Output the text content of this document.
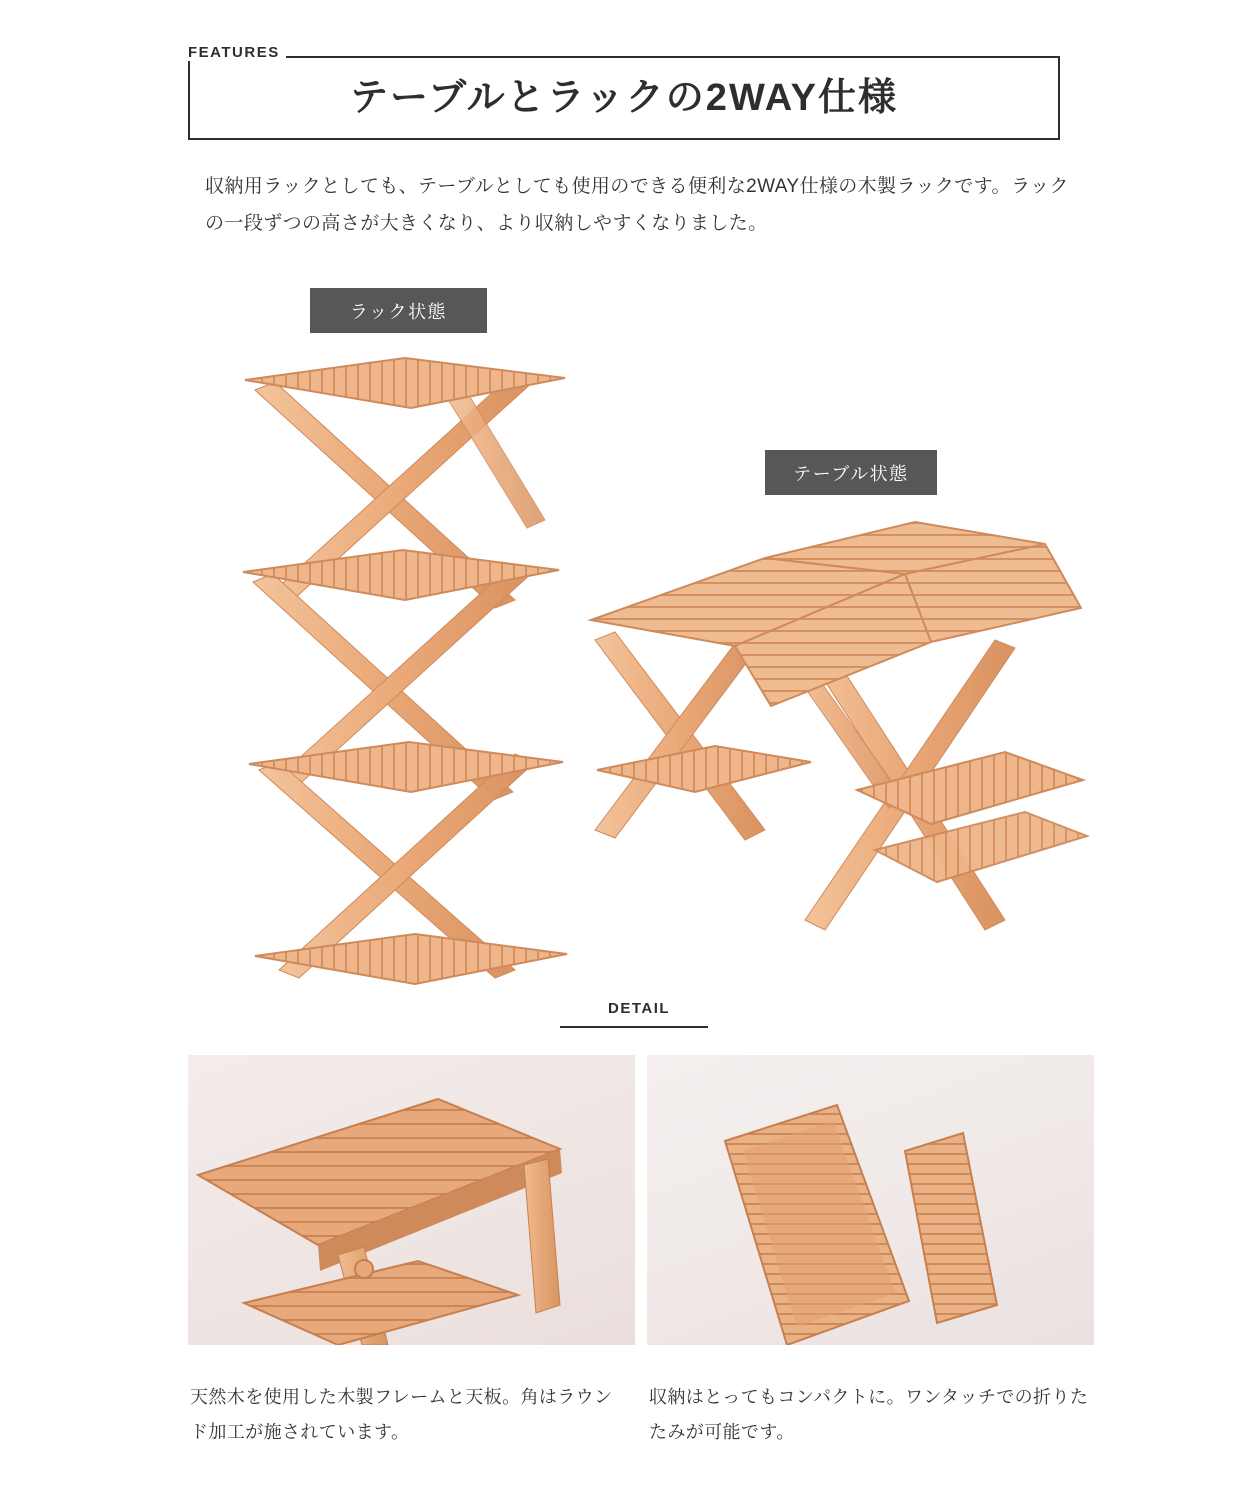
FEATURES
テーブルとラックの2WAY仕様
収納用ラックとしても、テーブルとしても使用のできる便利な2WAY仕様の木製ラックです。ラックの一段ずつの高さが大きくなり、より収納しやすくなりました。
ラック状態
テーブル状態
DETAIL
天然木を使用した木製フレームと天板。角はラウンド加工が施されています。
収納はとってもコンパクトに。ワンタッチでの折りたたみが可能です。
